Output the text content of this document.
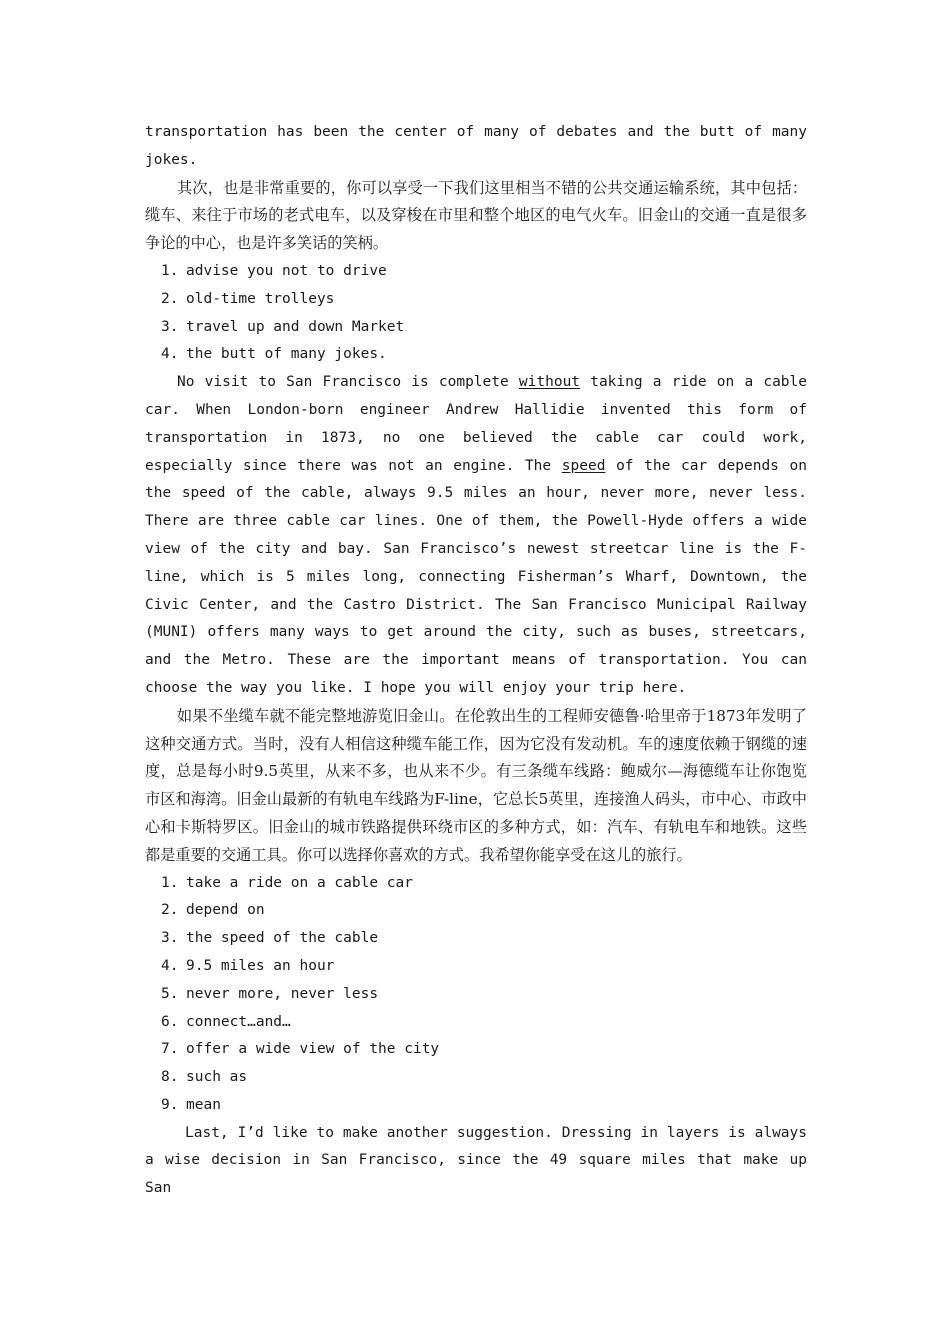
transportation has been the center of many of debates and the butt of many jokes.

其次，也是非常重要的，你可以享受一下我们这里相当不错的公共交通运输系统，其中包括：缆车、来往于市场的老式电车，以及穿梭在市里和整个地区的电气火车。旧金山的交通一直是很多争论的中心，也是许多笑话的笑柄。

1. advise you not to drive
2. old-time trolleys
3. travel up and down Market
4. the butt of many jokes.

No visit to San Francisco is complete without taking a ride on a cable car. When London-born engineer Andrew Hallidie invented this form of transportation in 1873, no one believed the cable car could work, especially since there was not an engine. The speed of the car depends on the speed of the cable, always 9.5 miles an hour, never more, never less. There are three cable car lines. One of them, the Powell-Hyde offers a wide view of the city and bay. San Francisco’s newest streetcar line is the F-line, which is 5 miles long, connecting Fisherman’s Wharf, Downtown, the Civic Center, and the Castro District. The San Francisco Municipal Railway (MUNI) offers many ways to get around the city, such as buses, streetcars, and the Metro. These are the important means of transportation. You can choose the way you like. I hope you will enjoy your trip here.

如果不坐缆车就不能完整地游览旧金山。在伦敦出生的工程师安德鲁·哈里帝于1873年发明了这种交通方式。当时，没有人相信这种缆车能工作，因为它没有发动机。车的速度依赖于钢缆的速度，总是每小时9.5英里，从来不多，也从来不少。有三条缆车线路：鲍威尔—海德缆车让你饱览市区和海湾。旧金山最新的有轨电车线路为F-line，它总长5英里，连接渔人码头，市中心、市政中心和卡斯特罗区。旧金山的城市铁路提供环绕市区的多种方式，如：汽车、有轨电车和地铁。这些都是重要的交通工具。你可以选择你喜欢的方式。我希望你能享受在这儿的旅行。

1. take a ride on a cable car
2. depend on
3. the speed of the cable
4. 9.5 miles an hour
5. never more, never less
6. connect…and…
7. offer a wide view of the city
8. such as
9. mean

Last, I’d like to make another suggestion. Dressing in layers is always a wise decision in San Francisco, since the 49 square miles that make up San
